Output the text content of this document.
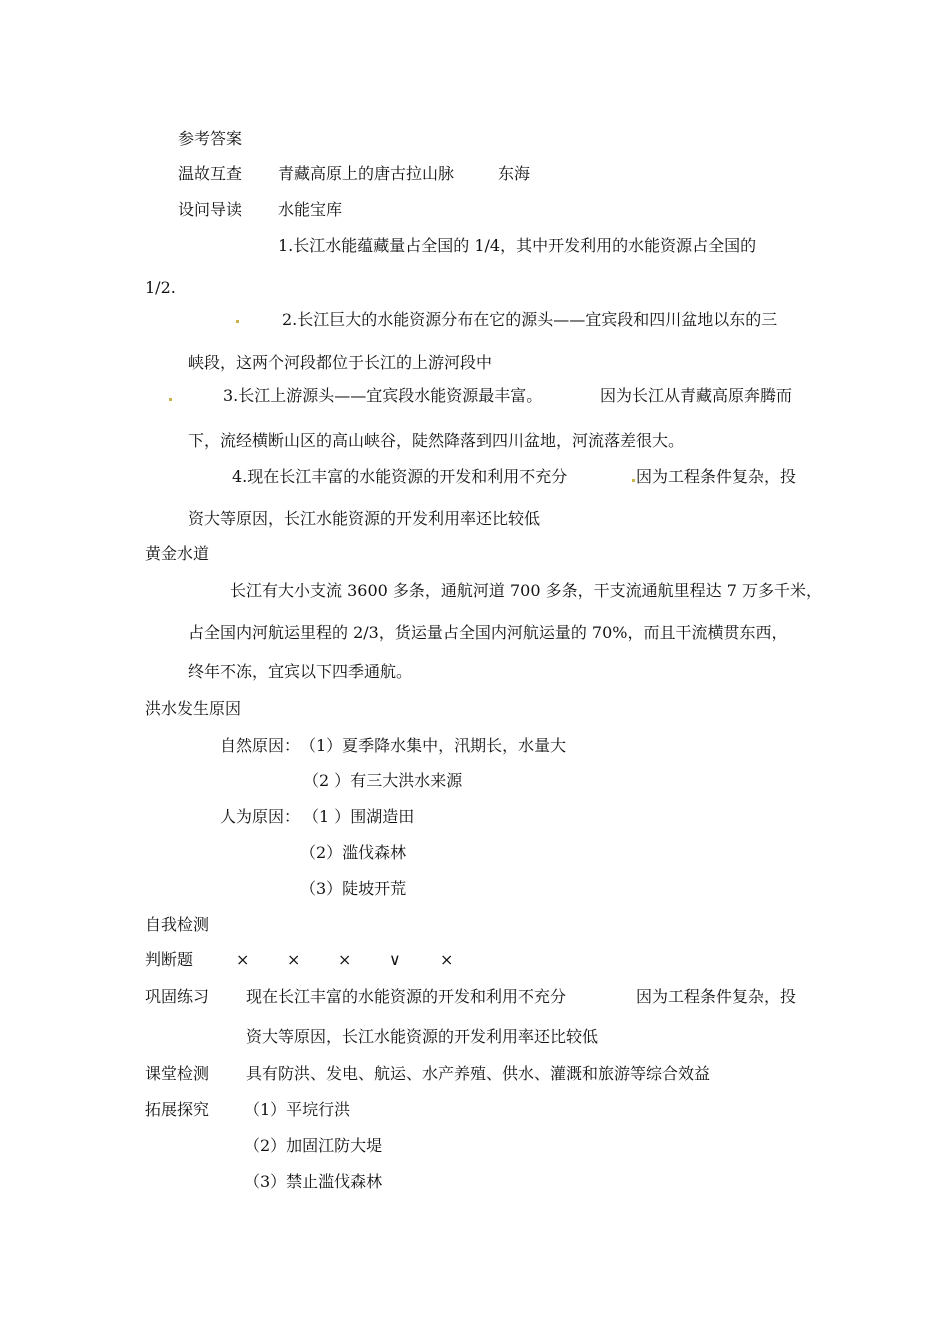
参考答案
温故互查 青藏高原上的唐古拉山脉	东海
设问导读 水能宝库
1.长江水能蕴藏量占全国的 1/4，其中开发利用的水能资源占全国的
1/2.
2.长江巨大的水能资源分布在它的源头——宜宾段和四川盆地以东的三
峡段，这两个河段都位于长江的上游河段中
3.长江上游源头——宜宾段水能资源最丰富。	因为长江从青藏高原奔腾而
下，流经横断山区的高山峡谷，陡然降落到四川盆地，河流落差很大。
4.现在长江丰富的水能资源的开发和利用不充分	因为工程条件复杂，投
资大等原因，长江水能资源的开发利用率还比较低
黄金水道
长江有大小支流 3600 多条，通航河道 700 多条，干支流通航里程达 7 万多千米，
占全国内河航运里程的 2/3，货运量占全国内河航运量的 70%，而且干流横贯东西，
终年不冻，宜宾以下四季通航。
洪水发生原因
自然原因： （1）夏季降水集中，汛期长，水量大
（2 ）有三大洪水来源
人为原因： （1 ）围湖造田
（2）滥伐森林
（3）陡坡开荒
自我检测
判断题	× × × ∨ ×
巩固练习 现在长江丰富的水能资源的开发和利用不充分	因为工程条件复杂，投
资大等原因，长江水能资源的开发利用率还比较低
课堂检测 具有防洪、发电、航运、水产养殖、供水、灌溉和旅游等综合效益
拓展探究 （1）平垸行洪
（2）加固江防大堤
（3）禁止滥伐森林
